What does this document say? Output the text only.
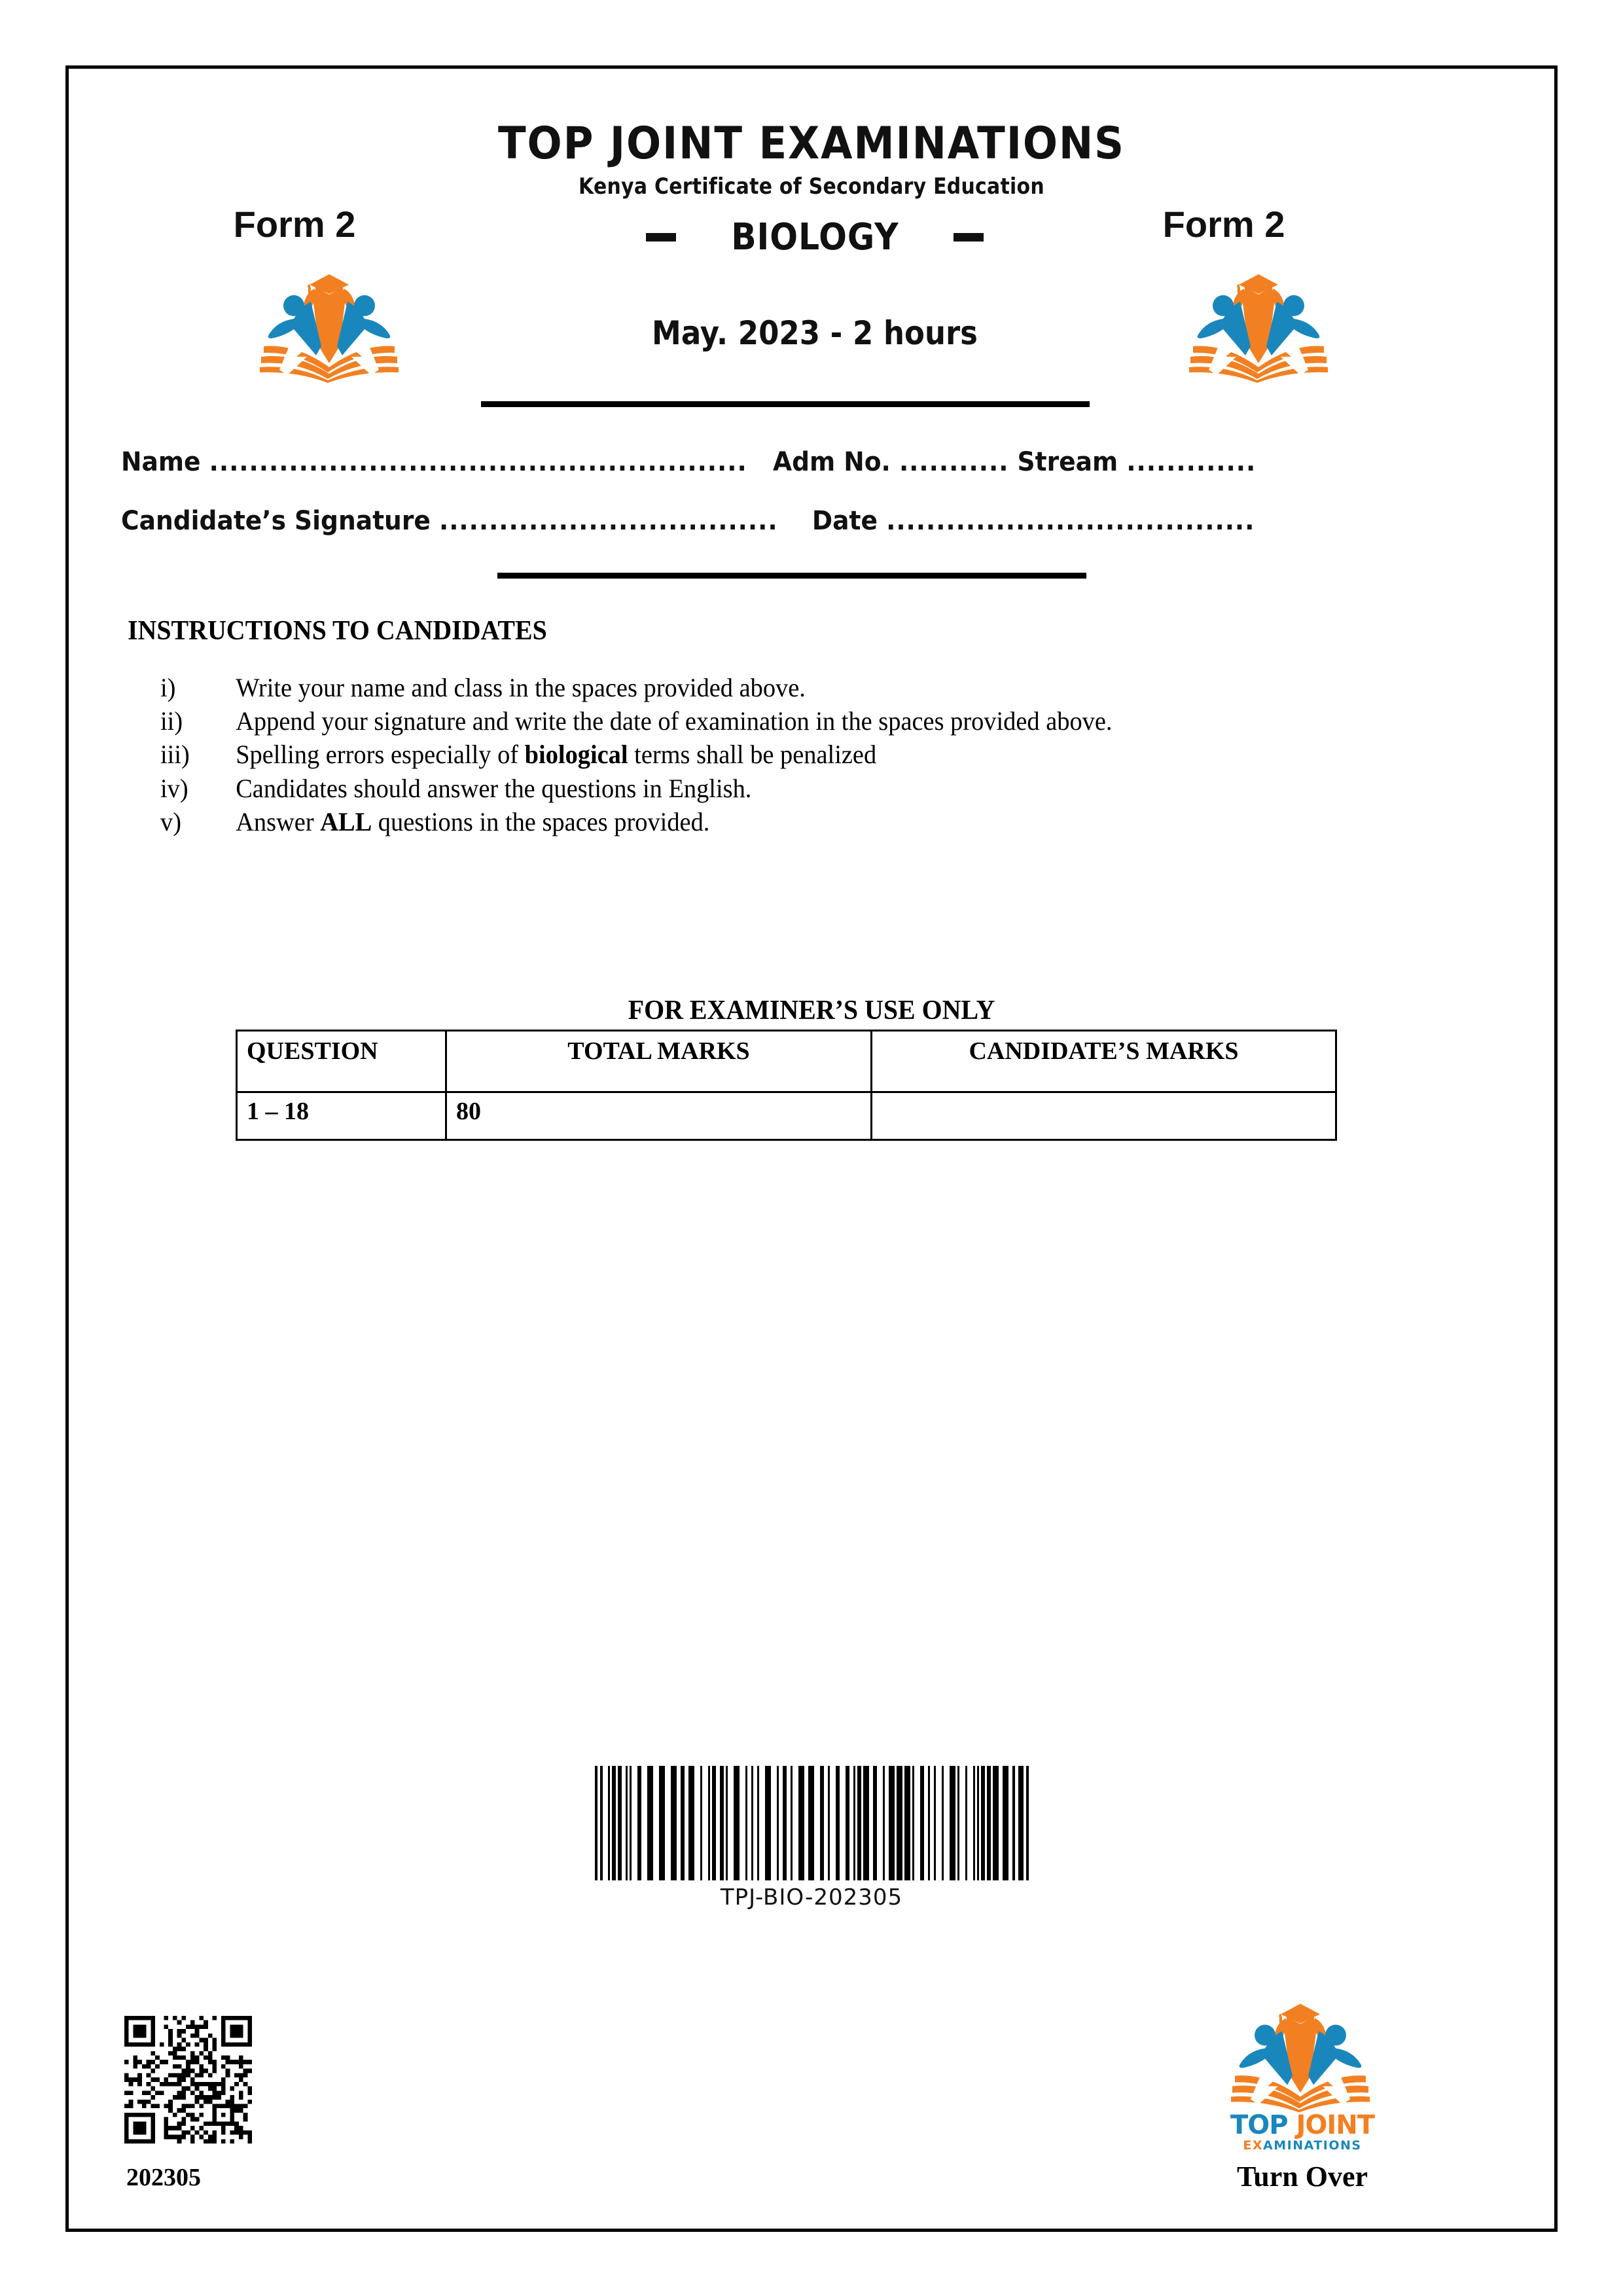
TOP JOINT EXAMINATIONS
Kenya Certificate of Secondary Education
Form 2	Form 2
BIOLOGY
May. 2023 - 2 hours
Name
......................................................
Adm No.
...........
Stream
.............
Candidate’s Signature
..................................
Date
.....................................
INSTRUCTIONS TO CANDIDATES
i)	Write your name and class in the spaces provided above.
ii)	Append your signature and write the date of examination in the spaces provided above.
iii)	Spelling errors especially of biological terms shall be penalized
iv)	Candidates should answer the questions in English.
v)	Answer ALL questions in the spaces provided.
FOR EXAMINER’S USE ONLY
QUESTION	TOTAL MARKS	CANDIDATE’S MARKS
1 – 18	80	
TPJ-BIO-202305
202305
TOP JOINT
EXAMINATIONS
Turn Over
